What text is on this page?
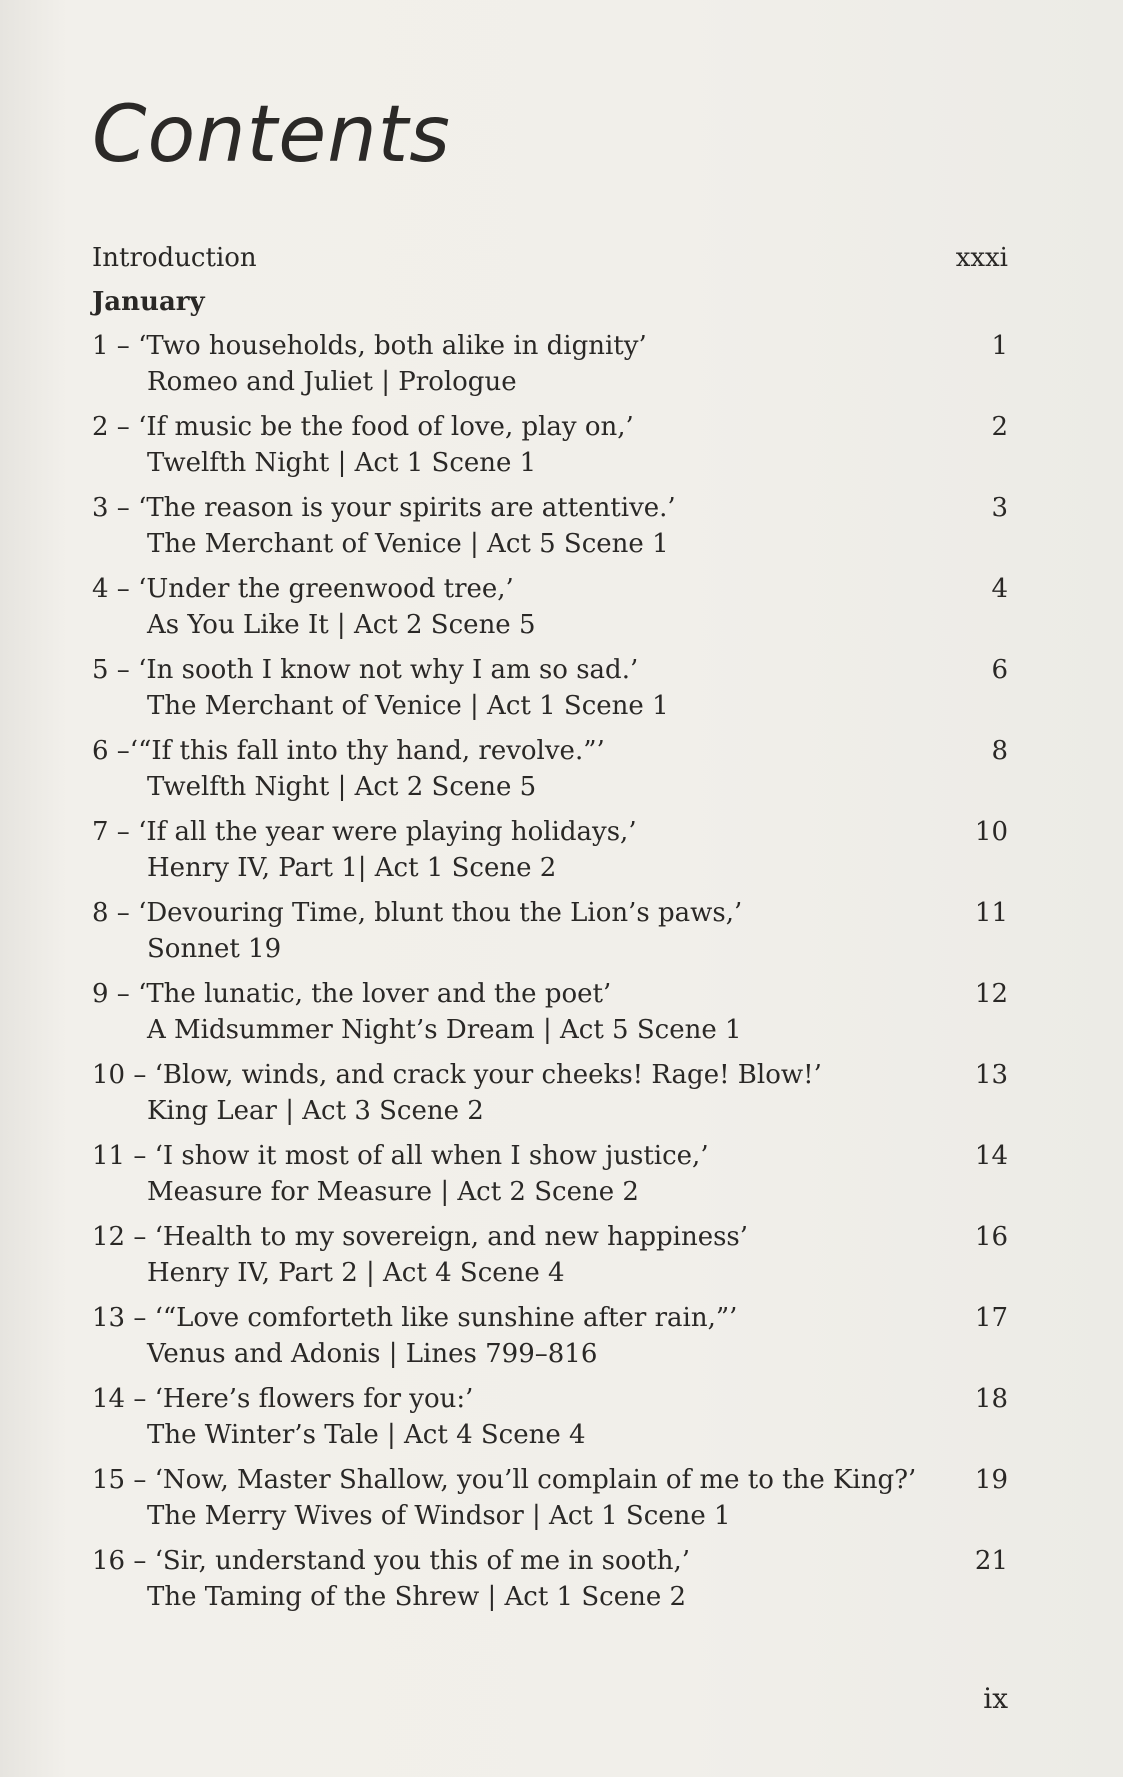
Contents
Introduction	xxxi
January
1 – ‘Two households, both alike in dignity’	1
Romeo and Juliet | Prologue
2 – ‘If music be the food of love, play on,’	2
Twelfth Night | Act 1 Scene 1
3 – ‘The reason is your spirits are attentive.’	3
The Merchant of Venice | Act 5 Scene 1
4 – ‘Under the greenwood tree,’	4
As You Like It | Act 2 Scene 5
5 – ‘In sooth I know not why I am so sad.’	6
The Merchant of Venice | Act 1 Scene 1
6 –‘“If this fall into thy hand, revolve.”’	8
Twelfth Night | Act 2 Scene 5
7 – ‘If all the year were playing holidays,’	10
Henry IV, Part 1| Act 1 Scene 2
8 – ‘Devouring Time, blunt thou the Lion’s paws,’	11
Sonnet 19
9 – ‘The lunatic, the lover and the poet’	12
A Midsummer Night’s Dream | Act 5 Scene 1
10 – ‘Blow, winds, and crack your cheeks! Rage! Blow!’	13
King Lear | Act 3 Scene 2
11 – ‘I show it most of all when I show justice,’	14
Measure for Measure | Act 2 Scene 2
12 – ‘Health to my sovereign, and new happiness’	16
Henry IV, Part 2 | Act 4 Scene 4
13 – ‘“Love comforteth like sunshine after rain,”’	17
Venus and Adonis | Lines 799–816
14 – ‘Here’s flowers for you:’	18
The Winter’s Tale | Act 4 Scene 4
15 – ‘Now, Master Shallow, you’ll complain of me to the King?’	19
The Merry Wives of Windsor | Act 1 Scene 1
16 – ‘Sir, understand you this of me in sooth,’	21
The Taming of the Shrew | Act 1 Scene 2
ix
